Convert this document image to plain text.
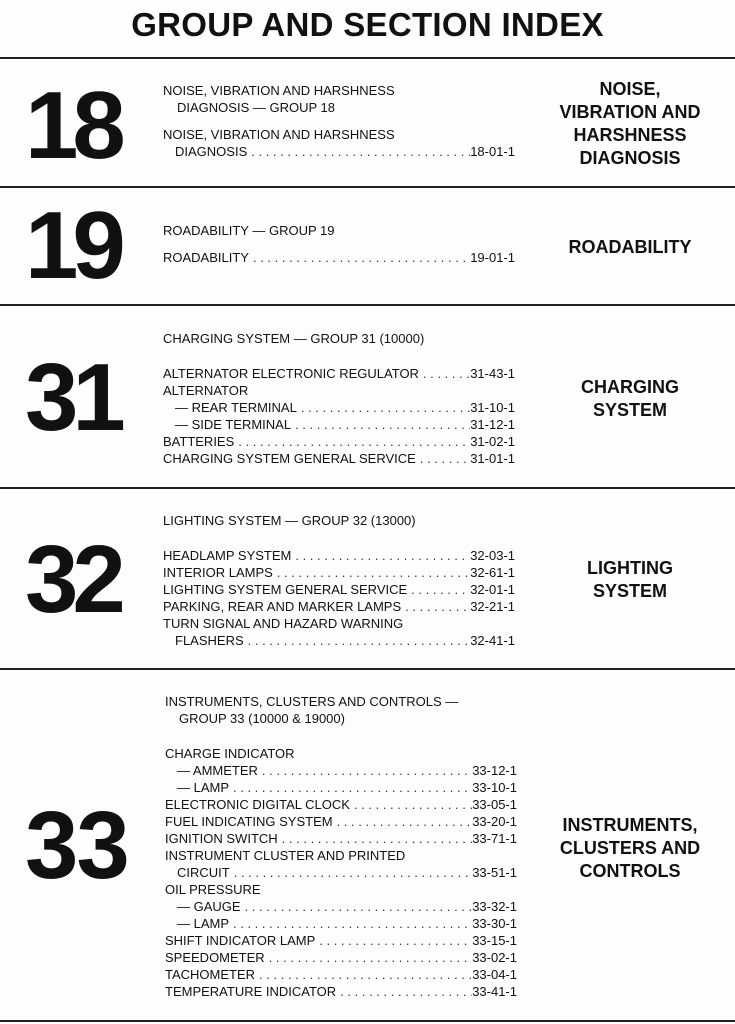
GROUP AND SECTION INDEX
18	NOISE, VIBRATION AND HARSHNESS
DIAGNOSIS — GROUP 18
NOISE, VIBRATION AND HARSHNESS
DIAGNOSIS . . .	18-01-1
NOISE,
VIBRATION AND
HARSHNESS
DIAGNOSIS
19	ROADABILITY — GROUP 19
ROADABILITY . . .	19-01-1
ROADABILITY
31
CHARGING SYSTEM — GROUP 31 (10000)
ALTERNATOR ELECTRONIC REGULATOR . . .	31-43-1
ALTERNATOR
— REAR TERMINAL . . .	31-10-1
— SIDE TERMINAL . . .	31-12-1
BATTERIES . . .	31-02-1
CHARGING SYSTEM GENERAL SERVICE . . .	31-01-1
CHARGING
SYSTEM
32
LIGHTING SYSTEM — GROUP 32 (13000)
HEADLAMP SYSTEM . . .	32-03-1
INTERIOR LAMPS . . .	32-61-1
LIGHTING SYSTEM GENERAL SERVICE . . .	32-01-1
PARKING, REAR AND MARKER LAMPS . . .	32-21-1
TURN SIGNAL AND HAZARD WARNING
FLASHERS . . .	32-41-1
LIGHTING
SYSTEM
33
INSTRUMENTS, CLUSTERS AND CONTROLS —
GROUP 33 (10000 & 19000)
CHARGE INDICATOR
— AMMETER . . .	33-12-1
— LAMP . . .	33-10-1
ELECTRONIC DIGITAL CLOCK . . .	33-05-1
FUEL INDICATING SYSTEM . . .	33-20-1
IGNITION SWITCH . . .	33-71-1
INSTRUMENT CLUSTER AND PRINTED
CIRCUIT . . .	33-51-1
OIL PRESSURE
— GAUGE . . .	33-32-1
— LAMP . . .	33-30-1
SHIFT INDICATOR LAMP . . .	33-15-1
SPEEDOMETER . . .	33-02-1
TACHOMETER . . .	33-04-1
TEMPERATURE INDICATOR . . .	33-41-1
INSTRUMENTS,
CLUSTERS AND
CONTROLS
